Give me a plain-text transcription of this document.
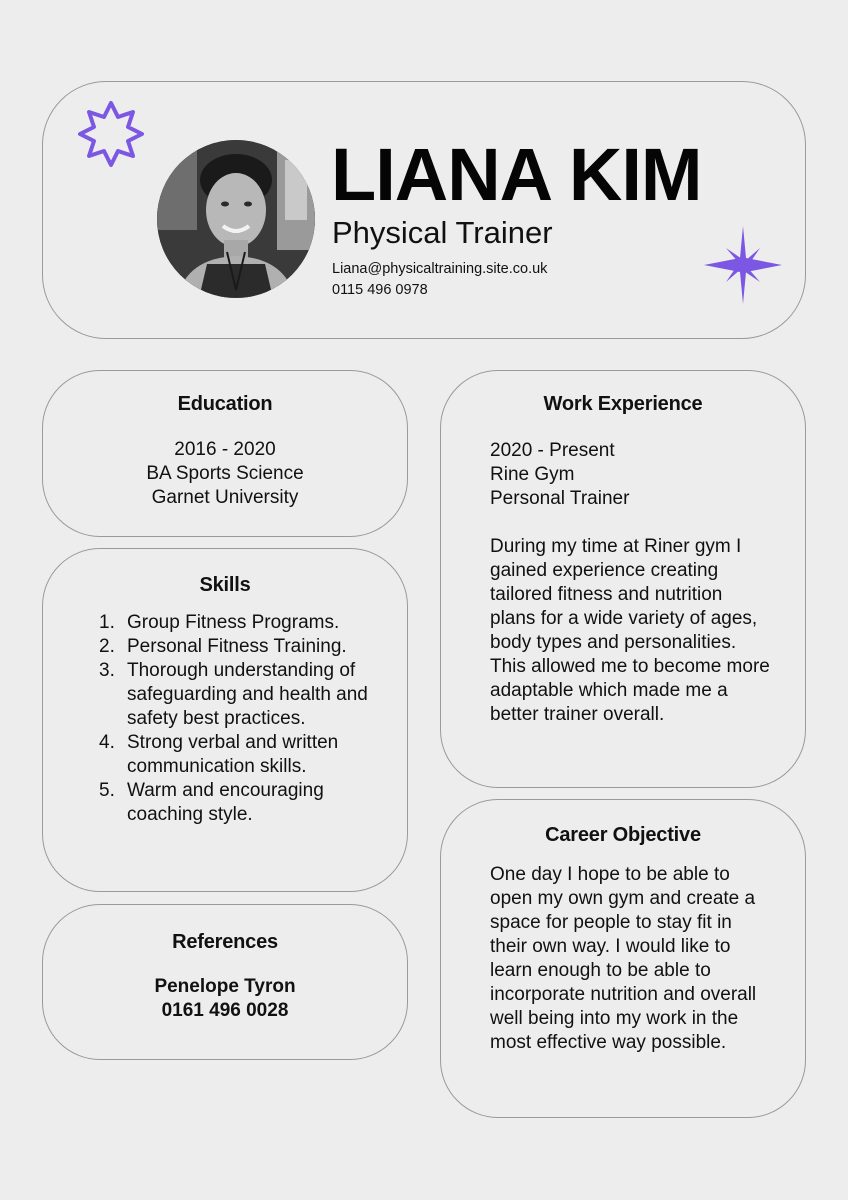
LIANA KIM
Physical Trainer
Liana@physicaltraining.site.co.uk
0115 496 0978
Education
2016 - 2020
BA Sports Science
Garnet University
Skills
1. Group Fitness Programs.
2. Personal Fitness Training.
3. Thorough understanding of safeguarding and health and safety best practices.
4. Strong verbal and written communication skills.
5. Warm and encouraging coaching style.
References
Penelope Tyron
0161 496 0028
Work Experience
2020 - Present
Rine Gym
Personal Trainer
During my time at Riner gym I gained experience creating tailored fitness and nutrition plans for a wide variety of ages, body types and personalities. This allowed me to become more adaptable which made me a better trainer overall.
Career Objective
One day I hope to be able to open my own gym and create a space for people to stay fit in their own way. I would like to learn enough to be able to incorporate nutrition and overall well being into my work in the most effective way possible.
